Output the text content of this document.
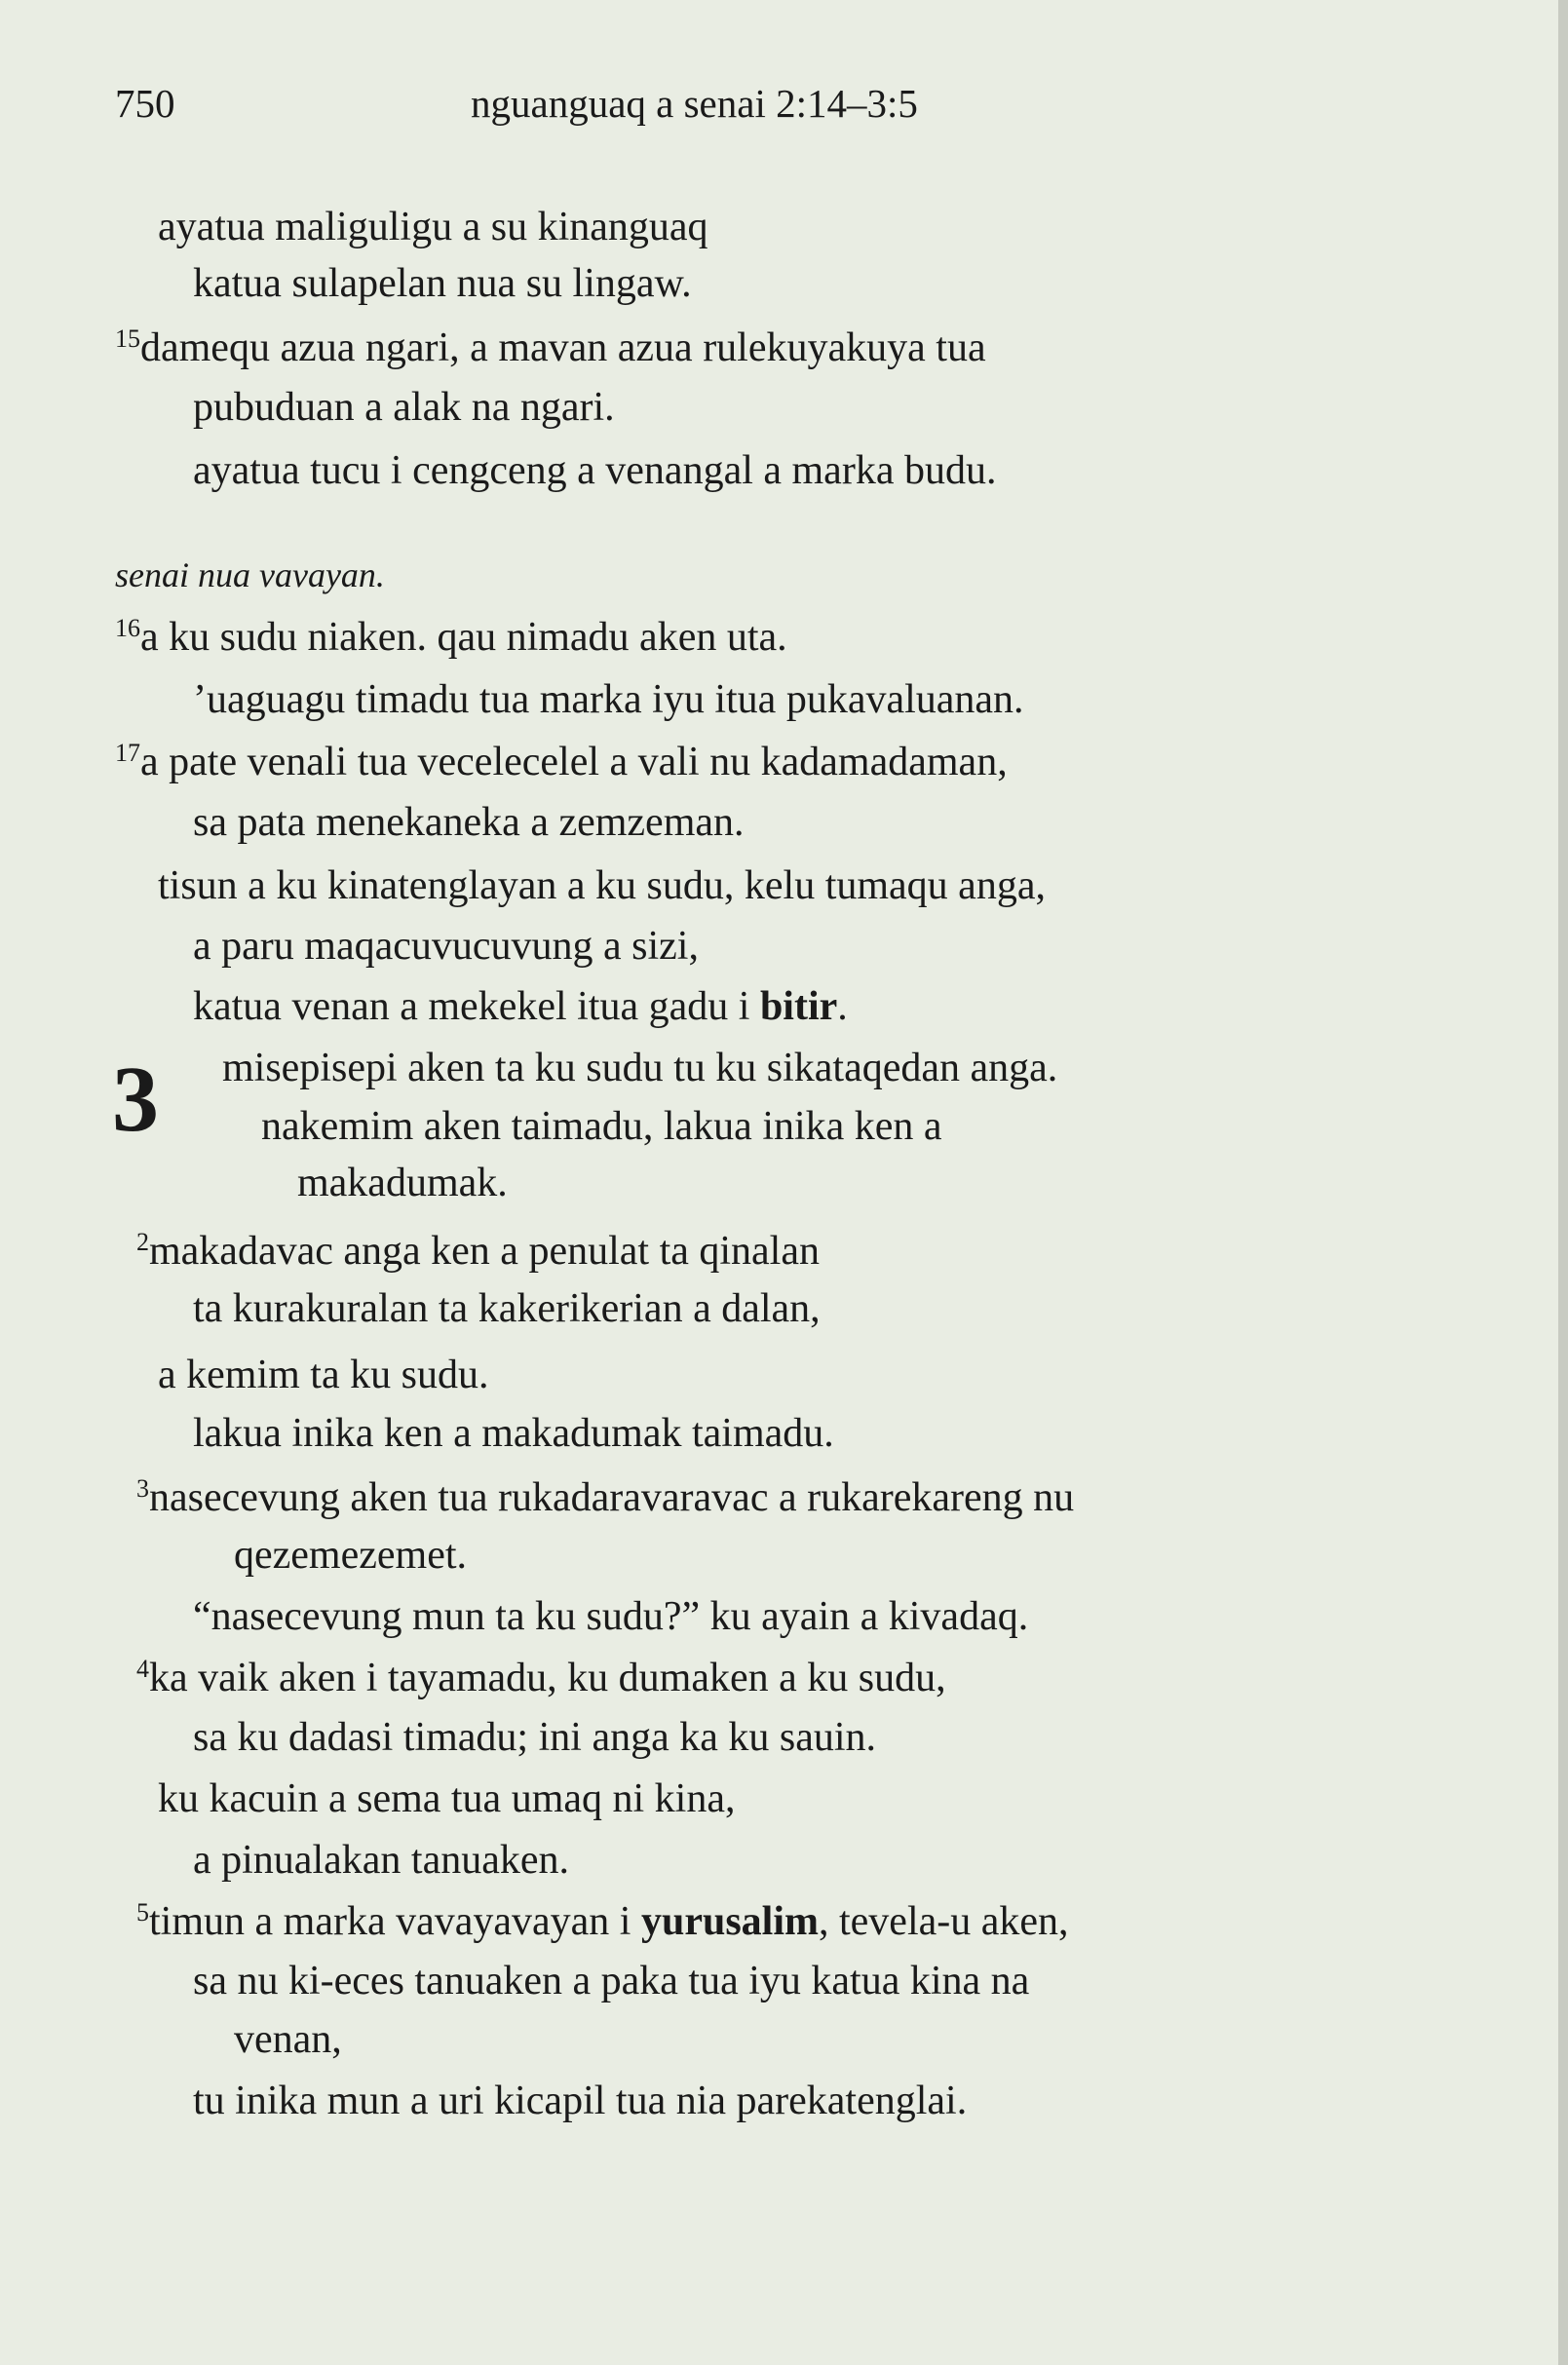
750	nguanguaq a senai 2:14–3:5
3
ayatua maliguligu a su kinanguaq
katua sulapelan nua su lingaw.
$^{15}$damequ azua ngari, a mavan azua rulekuyakuya tua
pubuduan a alak na ngari.
ayatua tucu i cengceng a venangal a marka budu.
senai nua vavayan.
$^{16}$a ku sudu niaken. qau nimadu aken uta.
’uaguagu timadu tua marka iyu itua pukavaluanan.
$^{17}$a pate venali tua vecelecelel a vali nu kadamadaman,
sa pata menekaneka a zemzeman.
tisun a ku kinatenglayan a ku sudu, kelu tumaqu anga,
a paru maqacuvucuvung a sizi,
katua venan a mekekel itua gadu i bitir.
misepisepi aken ta ku sudu tu ku sikataqedan anga.
nakemim aken taimadu, lakua inika ken a
makadumak.
$^2$makadavac anga ken a penulat ta qinalan
ta kurakuralan ta kakerikerian a dalan,
a kemim ta ku sudu.
lakua inika ken a makadumak taimadu.
$^3$nasecevung aken tua rukadaravaravac a rukarekareng nu
qezemezemet.
“nasecevung mun ta ku sudu?” ku ayain a kivadaq.
$^4$ka vaik aken i tayamadu, ku dumaken a ku sudu,
sa ku dadasi timadu; ini anga ka ku sauin.
ku kacuin a sema tua umaq ni kina,
a pinualakan tanuaken.
$^5$timun a marka vavayavayan i yurusalim, tevela-u aken,
sa nu ki-eces tanuaken a paka tua iyu katua kina na
venan,
tu inika mun a uri kicapil tua nia parekatenglai.
